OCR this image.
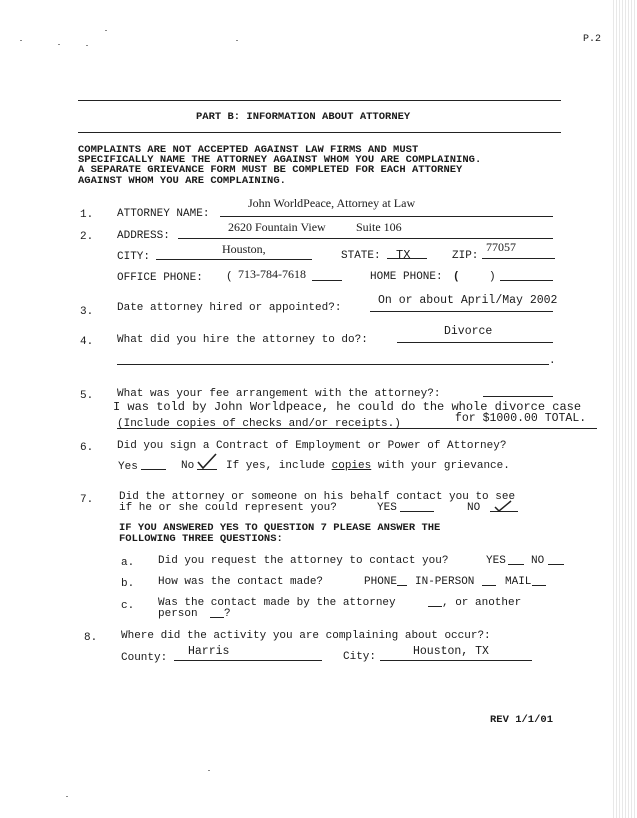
P.2
PART B: INFORMATION ABOUT ATTORNEY
COMPLAINTS ARE NOT ACCEPTED AGAINST LAW FIRMS AND MUST
SPECIFICALLY NAME THE ATTORNEY AGAINST WHOM YOU ARE COMPLAINING.
A SEPARATE GRIEVANCE FORM MUST BE COMPLETED FOR EACH ATTORNEY
AGAINST WHOM YOU ARE COMPLAINING.
1. ATTORNEY NAME:
John WorldPeace, Attorney at Law
2. ADDRESS:
2620 Fountain View	Suite 106
CITY:
Houston,	STATE: TX	ZIP:
77057
OFFICE PHONE: ( 713-784-7618	HOME PHONE: (	)
3. Date attorney hired or appointed?:
On or about April/May 2002
4. What did you hire the attorney to do?:
Divorce
.
5. What was your fee arrangement with the attorney?:
I was told by John Worldpeace, he could do the whole divorce case
(Include copies of checks and/or receipts.)	for $1000.00 TOTAL.
6. Did you sign a Contract of Employment or Power of Attorney?
Yes	No	If yes, include copies with your grievance.
7. Did the attorney or someone on his behalf contact you to see
if he or she could represent you?	YES	NO
IF YOU ANSWERED YES TO QUESTION 7 PLEASE ANSWER THE
FOLLOWING THREE QUESTIONS:
a. Did you request the attorney to contact you?	YES NO
b. How was the contact made?	PHONE IN-PERSON	MAIL
c. Was the contact made by the attorney	, or another
person ?
8. Where did the activity you are complaining about occur?:
County: Harris	City:	Houston, TX
REV 1/1/01
